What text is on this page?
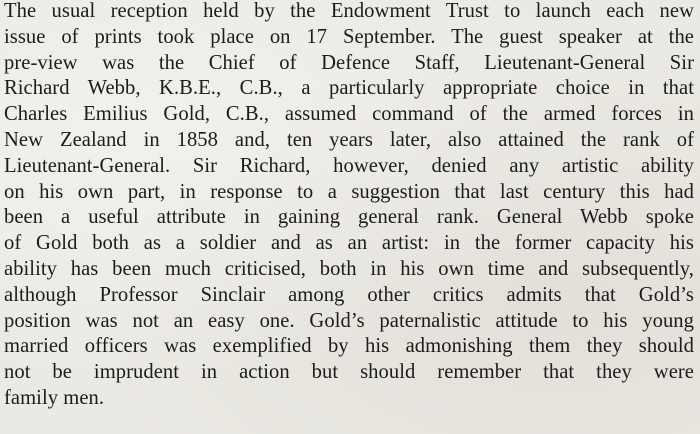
The usual reception held by the Endowment Trust to launch each new
issue of prints took place on 17 September. The guest speaker at the
pre-view was the Chief of Defence Staff, Lieutenant-General Sir
Richard Webb, K.B.E., C.B., a particularly appropriate choice in that
Charles Emilius Gold, C.B., assumed command of the armed forces in
New Zealand in 1858 and, ten years later, also attained the rank of
Lieutenant-General. Sir Richard, however, denied any artistic ability
on his own part, in response to a suggestion that last century this had
been a useful attribute in gaining general rank. General Webb spoke
of Gold both as a soldier and as an artist: in the former capacity his
ability has been much criticised, both in his own time and subsequently,
although Professor Sinclair among other critics admits that Gold’s
position was not an easy one. Gold’s paternalistic attitude to his young
married officers was exemplified by his admonishing them they should
not be imprudent in action but should remember that they were
family men.
